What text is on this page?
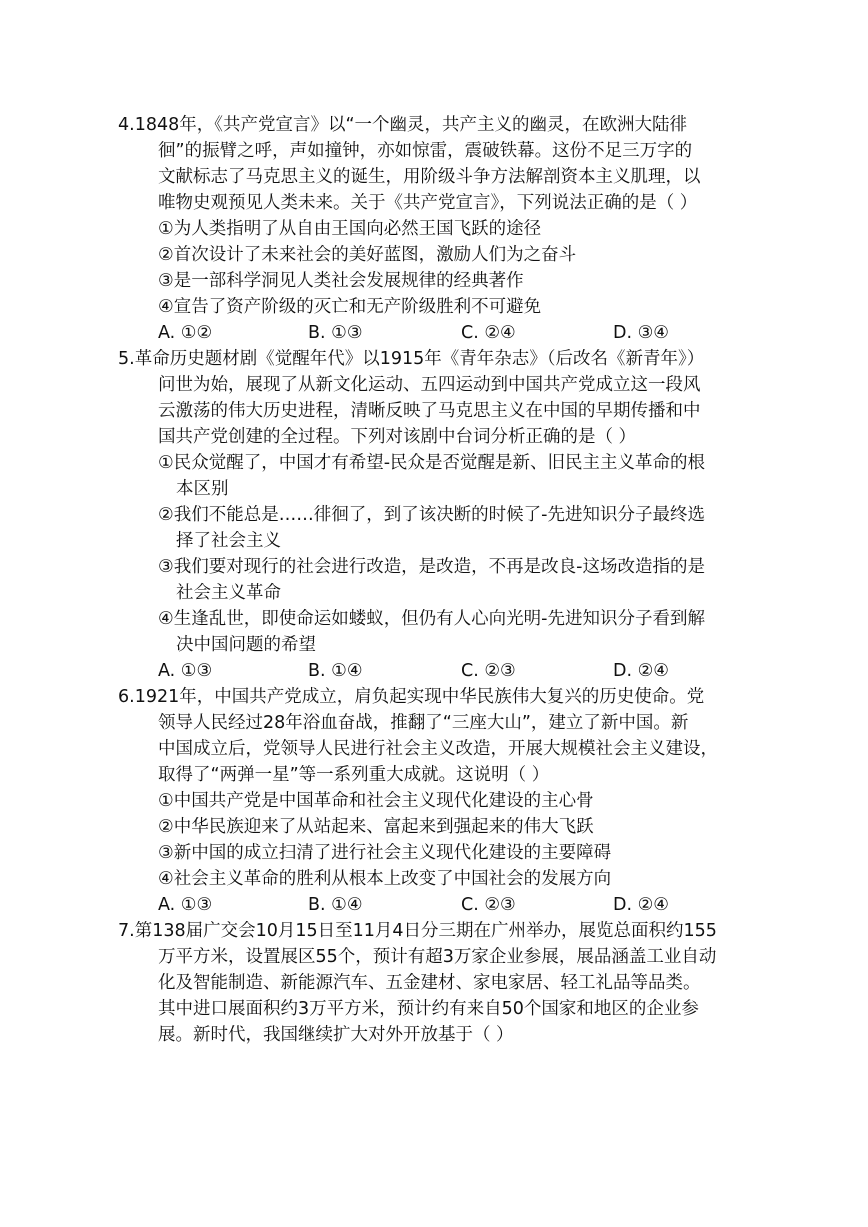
4.1848年，《共产党宣言》以“一个幽灵，共产主义的幽灵，在欧洲大陆徘
徊”的振臂之呼，声如撞钟，亦如惊雷，震破铁幕。这份不足三万字的
文献标志了马克思主义的诞生，用阶级斗争方法解剖资本主义肌理，以
唯物史观预见人类未来。关于《共产党宣言》，下列说法正确的是（ ）
①为人类指明了从自由王国向必然王国飞跃的途径
②首次设计了未来社会的美好蓝图，激励人们为之奋斗
③是一部科学洞见人类社会发展规律的经典著作
④宣告了资产阶级的灭亡和无产阶级胜利不可避免
A. ①②	B. ①③	C. ②④	D. ③④
5.革命历史题材剧《觉醒年代》以1915年《青年杂志》（后改名《新青年》）
问世为始，展现了从新文化运动、五四运动到中国共产党成立这一段风
云激荡的伟大历史进程，清晰反映了马克思主义在中国的早期传播和中
国共产党创建的全过程。下列对该剧中台词分析正确的是（ ）
①民众觉醒了，中国才有希望-民众是否觉醒是新、旧民主主义革命的根
本区别
②我们不能总是……徘徊了，到了该决断的时候了-先进知识分子最终选
择了社会主义
③我们要对现行的社会进行改造，是改造，不再是改良-这场改造指的是
社会主义革命
④生逢乱世，即使命运如蝼蚁，但仍有人心向光明-先进知识分子看到解
决中国问题的希望
A. ①③	B. ①④	C. ②③	D. ②④
6.1921年，中国共产党成立，肩负起实现中华民族伟大复兴的历史使命。党
领导人民经过28年浴血奋战，推翻了“三座大山”，建立了新中国。新
中国成立后，党领导人民进行社会主义改造，开展大规模社会主义建设，
取得了“两弹一星”等一系列重大成就。这说明（ ）
①中国共产党是中国革命和社会主义现代化建设的主心骨
②中华民族迎来了从站起来、富起来到强起来的伟大飞跃
③新中国的成立扫清了进行社会主义现代化建设的主要障碍
④社会主义革命的胜利从根本上改变了中国社会的发展方向
A. ①③	B. ①④	C. ②③	D. ②④
7.第138届广交会10月15日至11月4日分三期在广州举办，展览总面积约155
万平方米，设置展区55个，预计有超3万家企业参展，展品涵盖工业自动
化及智能制造、新能源汽车、五金建材、家电家居、轻工礼品等品类。
其中进口展面积约3万平方米，预计约有来自50个国家和地区的企业参
展。新时代，我国继续扩大对外开放基于（ ）
